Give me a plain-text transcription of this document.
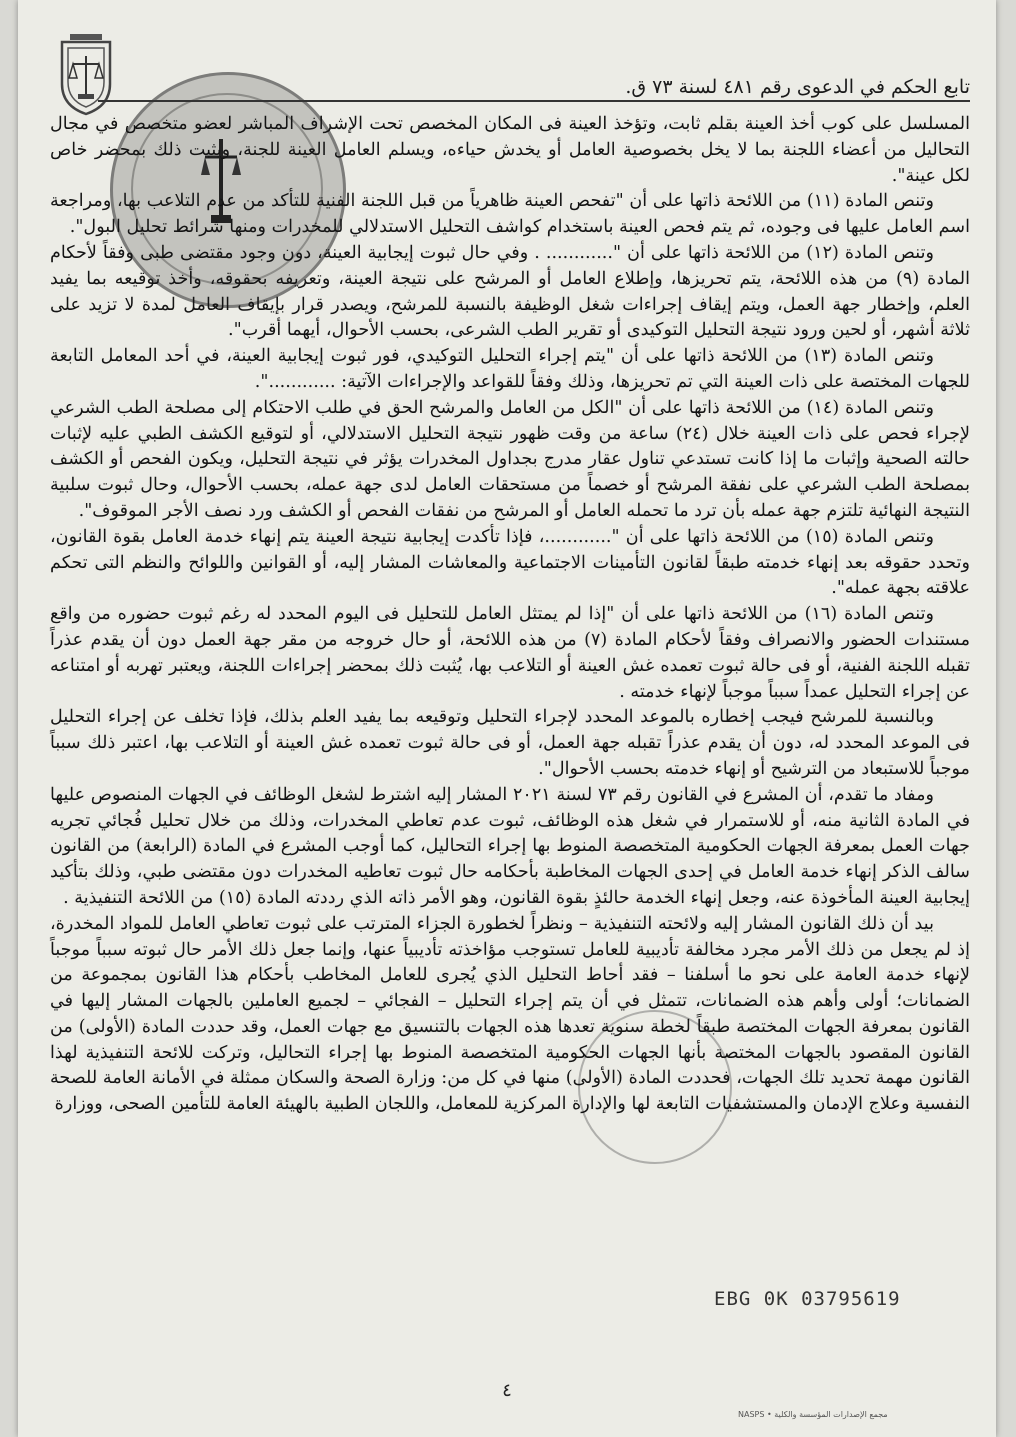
تابع الحكم في الدعوى رقم ٤٨١ لسنة ٧٣ ق.

المسلسل على كوب أخذ العينة بقلم ثابت، وتؤخذ العينة فى المكان المخصص تحت الإشراف المباشر لعضو متخصص في مجال التحاليل من أعضاء اللجنة بما لا يخل بخصوصية العامل أو يخدش حياءه، ويسلم العامل العينة للجنة، ويثبت ذلك بمحضر خاص لكل عينة".

وتنص المادة (١١) من اللائحة ذاتها على أن "تفحص العينة ظاهرياً من قبل اللجنة الفنية للتأكد من عدم التلاعب بها، ومراجعة اسم العامل عليها فى وجوده، ثم يتم فحص العينة باستخدام كواشف التحليل الاستدلالي للمخدرات ومنها شرائط تحليل البول".

وتنص المادة (١٢) من اللائحة ذاتها على أن "............ . وفي حال ثبوت إيجابية العينة، دون وجود مقتضى طبى وفقاً لأحكام المادة (٩) من هذه اللائحة، يتم تحريزها، وإطلاع العامل أو المرشح على نتيجة العينة، وتعريفه بحقوقه، وأخذ توقيعه بما يفيد العلم، وإخطار جهة العمل، ويتم إيقاف إجراءات شغل الوظيفة بالنسبة للمرشح، ويصدر قرار بإيقاف العامل لمدة لا تزيد على ثلاثة أشهر، أو لحين ورود نتيجة التحليل التوكيدى أو تقرير الطب الشرعى، بحسب الأحوال، أيهما أقرب".

وتنص المادة (١٣) من اللائحة ذاتها على أن "يتم إجراء التحليل التوكيدي، فور ثبوت إيجابية العينة، في أحد المعامل التابعة للجهات المختصة على ذات العينة التي تم تحريزها، وذلك وفقاً للقواعد والإجراءات الآتية: ............".

وتنص المادة (١٤) من اللائحة ذاتها على أن "الكل من العامل والمرشح الحق في طلب الاحتكام إلى مصلحة الطب الشرعي لإجراء فحص على ذات العينة خلال (٢٤) ساعة من وقت ظهور نتيجة التحليل الاستدلالي، أو لتوقيع الكشف الطبي عليه لإثبات حالته الصحية وإثبات ما إذا كانت تستدعي تناول عقار مدرج بجداول المخدرات يؤثر في نتيجة التحليل، ويكون الفحص أو الكشف بمصلحة الطب الشرعي على نفقة المرشح أو خصماً من مستحقات العامل لدى جهة عمله، بحسب الأحوال، وحال ثبوت سلبية النتيجة النهائية تلتزم جهة عمله بأن ترد ما تحمله العامل أو المرشح من نفقات الفحص أو الكشف ورد نصف الأجر الموقوف".

وتنص المادة (١٥) من اللائحة ذاتها على أن "............، فإذا تأكدت إيجابية نتيجة العينة يتم إنهاء خدمة العامل بقوة القانون، وتحدد حقوقه بعد إنهاء خدمته طبقاً لقانون التأمينات الاجتماعية والمعاشات المشار إليه، أو القوانين واللوائح والنظم التى تحكم علاقته بجهة عمله".

وتنص المادة (١٦) من اللائحة ذاتها على أن "إذا لم يمتثل العامل للتحليل فى اليوم المحدد له رغم ثبوت حضوره من واقع مستندات الحضور والانصراف وفقاً لأحكام المادة (٧) من هذه اللائحة، أو حال خروجه من مقر جهة العمل دون أن يقدم عذراً تقبله اللجنة الفنية، أو فى حالة ثبوت تعمده غش العينة أو التلاعب بها، يُثبت ذلك بمحضر إجراءات اللجنة، ويعتبر تهربه أو امتناعه عن إجراء التحليل عمداً سبباً موجباً لإنهاء خدمته .

وبالنسبة للمرشح فيجب إخطاره بالموعد المحدد لإجراء التحليل وتوقيعه بما يفيد العلم بذلك، فإذا تخلف عن إجراء التحليل فى الموعد المحدد له، دون أن يقدم عذراً تقبله جهة العمل، أو فى حالة ثبوت تعمده غش العينة أو التلاعب بها، اعتبر ذلك سبباً موجباً للاستبعاد من الترشيح أو إنهاء خدمته بحسب الأحوال".

ومفاد ما تقدم، أن المشرع في القانون رقم ٧٣ لسنة ٢٠٢١ المشار إليه اشترط لشغل الوظائف في الجهات المنصوص عليها في المادة الثانية منه، أو للاستمرار في شغل هذه الوظائف، ثبوت عدم تعاطي المخدرات، وذلك من خلال تحليل فُجائي تجريه جهات العمل بمعرفة الجهات الحكومية المتخصصة المنوط بها إجراء التحاليل، كما أوجب المشرع في المادة (الرابعة) من القانون سالف الذكر إنهاء خدمة العامل في إحدى الجهات المخاطبة بأحكامه حال ثبوت تعاطيه المخدرات دون مقتضى طبي، وذلك بتأكيد إيجابية العينة المأخوذة عنه، وجعل إنهاء الخدمة حالئذٍ بقوة القانون، وهو الأمر ذاته الذي رددته المادة (١٥) من اللائحة التنفيذية .

بيد أن ذلك القانون المشار إليه ولائحته التنفيذية – ونظراً لخطورة الجزاء المترتب على ثبوت تعاطي العامل للمواد المخدرة، إذ لم يجعل من ذلك الأمر مجرد مخالفة تأديبية للعامل تستوجب مؤاخذته تأديبياً عنها، وإنما جعل ذلك الأمر حال ثبوته سبباً موجباً لإنهاء خدمة العامة على نحو ما أسلفنا – فقد أحاط التحليل الذي يُجرى للعامل المخاطب بأحكام هذا القانون بمجموعة من الضمانات؛ أولى وأهم هذه الضمانات، تتمثل في أن يتم إجراء التحليل – الفجائي – لجميع العاملين بالجهات المشار إليها في القانون بمعرفة الجهات المختصة طبقاً لخطة سنوية تعدها هذه الجهات بالتنسيق مع جهات العمل، وقد حددت المادة (الأولى) من القانون المقصود بالجهات المختصة بأنها الجهات الحكومية المتخصصة المنوط بها إجراء التحاليل، وتركت للائحة التنفيذية لهذا القانون مهمة تحديد تلك الجهات، فحددت المادة (الأولى) منها في كل من: وزارة الصحة والسكان ممثلة في الأمانة العامة للصحة النفسية وعلاج الإدمان والمستشفيات التابعة لها والإدارة المركزية للمعامل، واللجان الطبية بالهيئة العامة للتأمين الصحى، ووزارة

EBG 0K 03795619
٤
مجمع الإصدارات المؤسسة والكلية • NASPS
